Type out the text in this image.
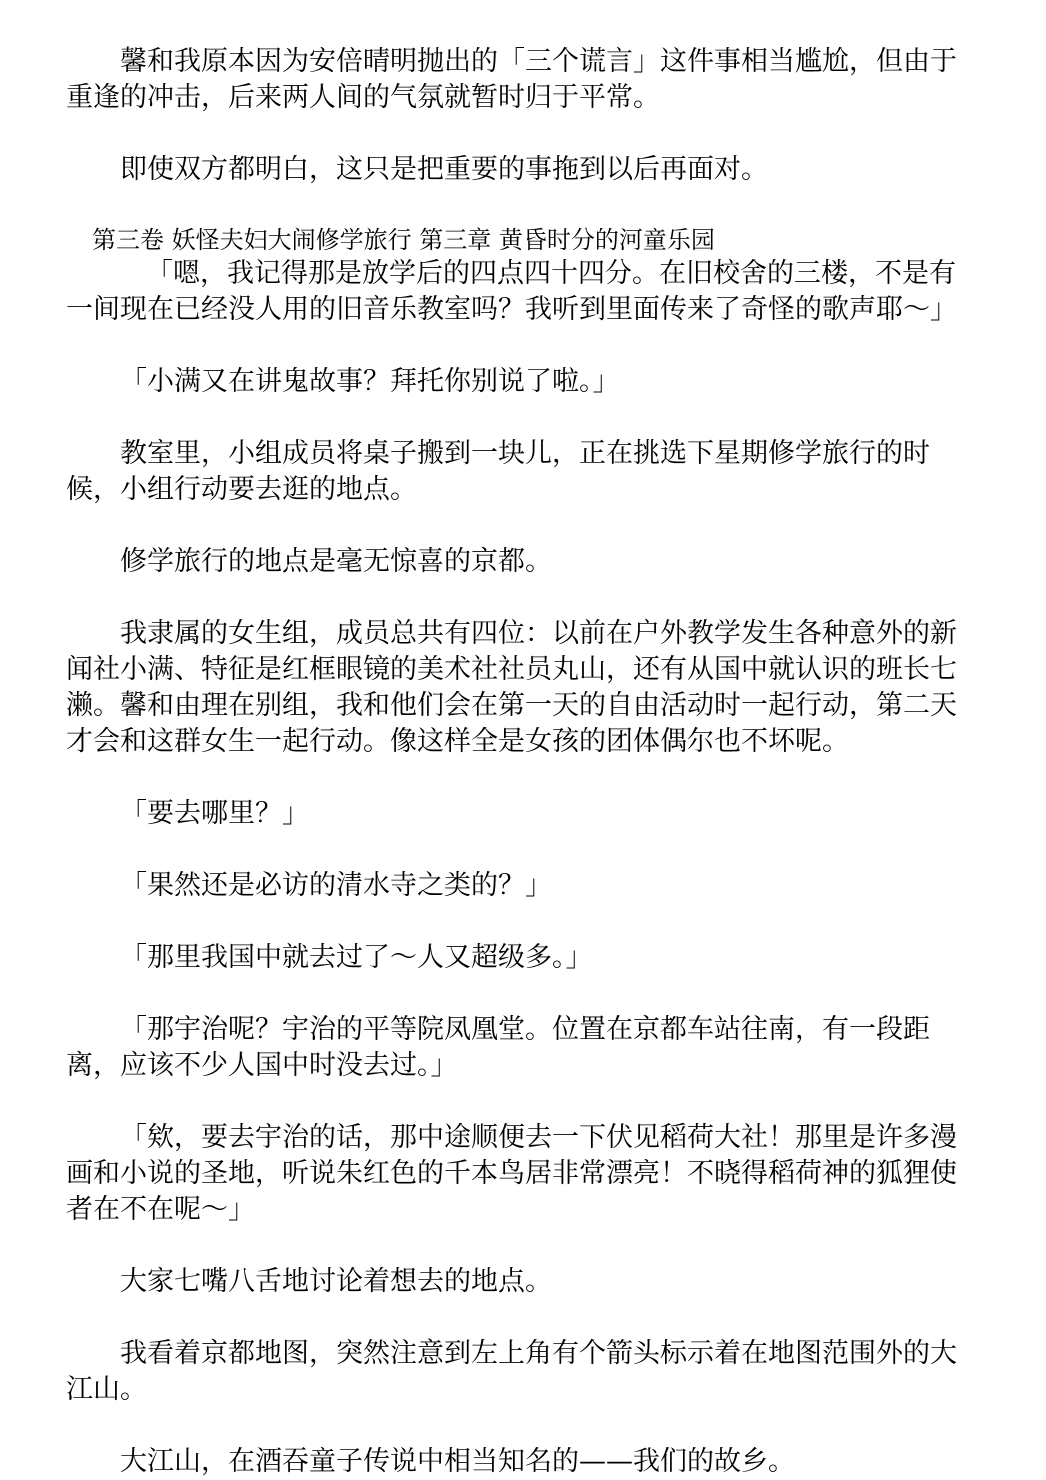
馨和我原本因为安倍晴明抛出的「三个谎言」这件事相当尴尬，但由于重逢的冲击，后来两人间的气氛就暂时归于平常。

即使双方都明白，这只是把重要的事拖到以后再面对。

第三卷 妖怪夫妇大闹修学旅行 第三章 黄昏时分的河童乐园

「嗯，我记得那是放学后的四点四十四分。在旧校舍的三楼，不是有一间现在已经没人用的旧音乐教室吗？我听到里面传来了奇怪的歌声耶～」

「小满又在讲鬼故事？拜托你别说了啦。」

教室里，小组成员将桌子搬到一块儿，正在挑选下星期修学旅行的时候，小组行动要去逛的地点。

修学旅行的地点是毫无惊喜的京都。

我隶属的女生组，成员总共有四位：以前在户外教学发生各种意外的新闻社小满、特征是红框眼镜的美术社社员丸山，还有从国中就认识的班长七濑。馨和由理在别组，我和他们会在第一天的自由活动时一起行动，第二天才会和这群女生一起行动。像这样全是女孩的团体偶尔也不坏呢。

「要去哪里？」

「果然还是必访的清水寺之类的？」

「那里我国中就去过了～人又超级多。」

「那宇治呢？宇治的平等院凤凰堂。位置在京都车站往南，有一段距离，应该不少人国中时没去过。」

「欸，要去宇治的话，那中途顺便去一下伏见稻荷大社！那里是许多漫画和小说的圣地，听说朱红色的千本鸟居非常漂亮！不晓得稻荷神的狐狸使者在不在呢～」

大家七嘴八舌地讨论着想去的地点。

我看着京都地图，突然注意到左上角有个箭头标示着在地图范围外的大江山。

大江山，在酒吞童子传说中相当知名的——我们的故乡。
